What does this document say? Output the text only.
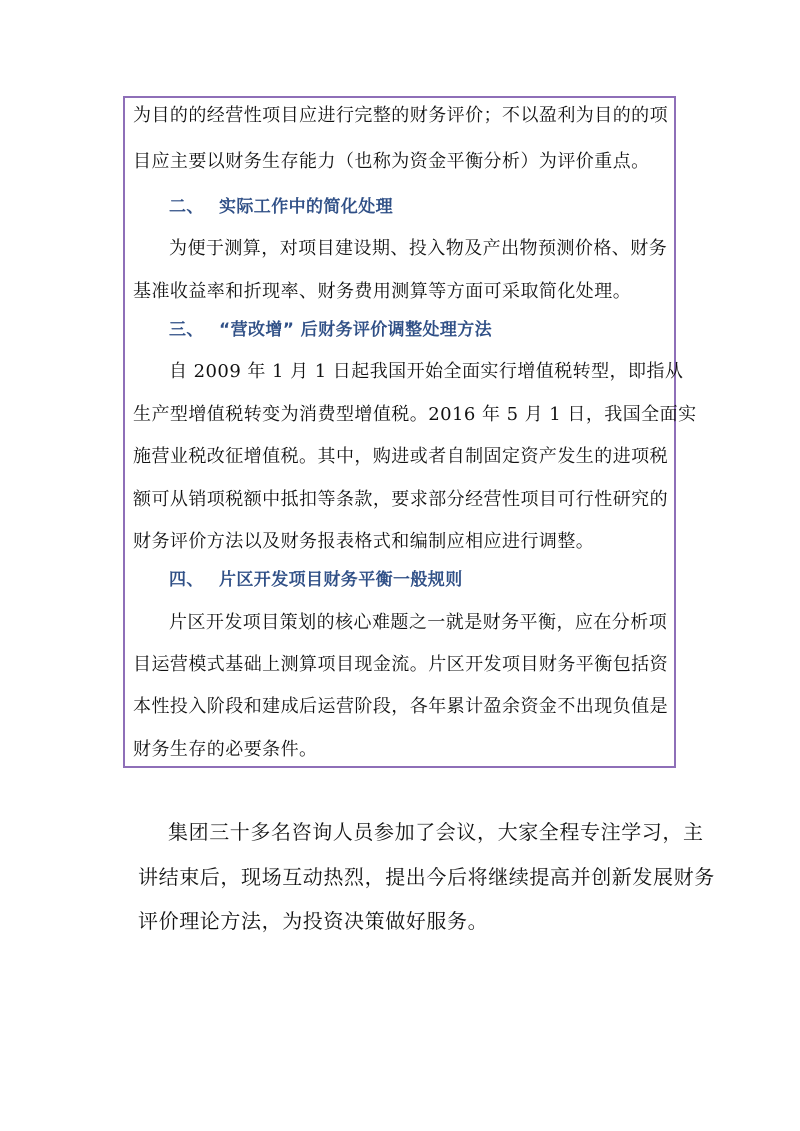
为目的的经营性项目应进行完整的财务评价；不以盈利为目的的项
目应主要以财务生存能力（也称为资金平衡分析）为评价重点。
二、 实际工作中的简化处理
为便于测算，对项目建设期、投入物及产出物预测价格、财务
基准收益率和折现率、财务费用测算等方面可采取简化处理。
三、 “营改增” 后财务评价调整处理方法
自 2009 年 1 月 1 日起我国开始全面实行增值税转型，即指从
生产型增值税转变为消费型增值税。2016 年 5 月 1 日，我国全面实
施营业税改征增值税。其中，购进或者自制固定资产发生的进项税
额可从销项税额中抵扣等条款，要求部分经营性项目可行性研究的
财务评价方法以及财务报表格式和编制应相应进行调整。
四、 片区开发项目财务平衡一般规则
片区开发项目策划的核心难题之一就是财务平衡，应在分析项
目运营模式基础上测算项目现金流。片区开发项目财务平衡包括资
本性投入阶段和建成后运营阶段，各年累计盈余资金不出现负值是
财务生存的必要条件。
集团三十多名咨询人员参加了会议，大家全程专注学习，主
讲结束后，现场互动热烈，提出今后将继续提高并创新发展财务
评价理论方法，为投资决策做好服务。
